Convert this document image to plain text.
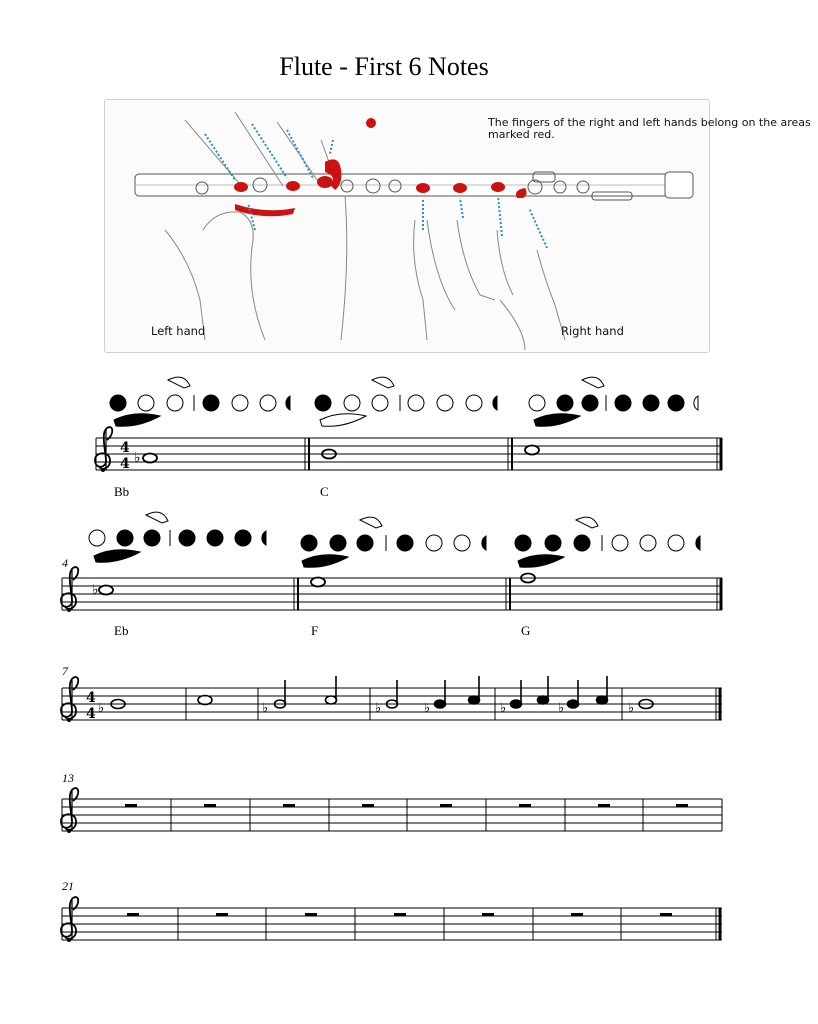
Flute - First 6 Notes
The fingers of the right and left hands belong on the areas marked red.
Left hand	Right hand
4
4 ♭
♭
4
4 ♭	♭	♭	♭	♭	♭	♭
Bb	C
Eb	F	G
4
7
13
21
